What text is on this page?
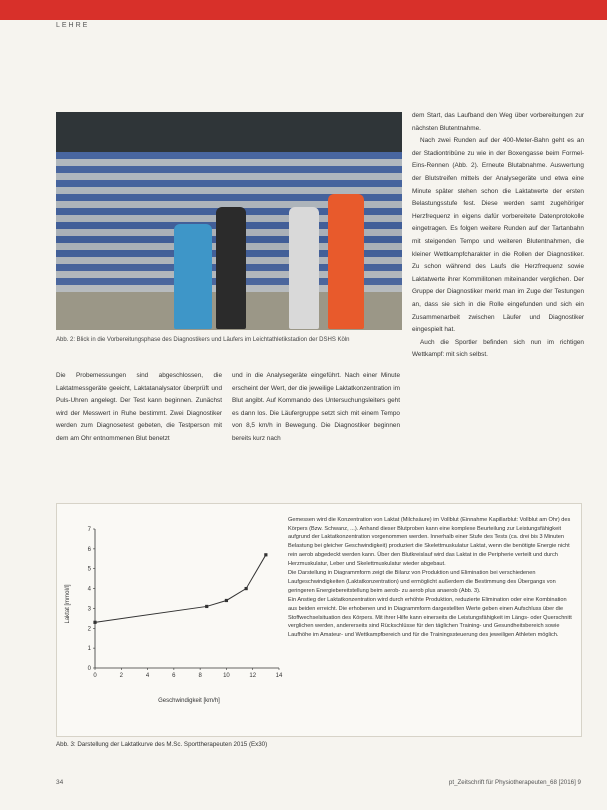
LEHRE
Abb. 2: Blick in die Vorbereitungsphase des Diagnostikers und Läufers im Leichtathletikstadion der DSHS Köln
Die Probemessungen sind abgeschlossen, die Laktatmessgeräte geeicht, Laktatanalysator überprüft und Puls-Uhren angelegt. Der Test kann beginnen. Zunächst wird der Messwert in Ruhe bestimmt. Zwei Diagnostiker werden zum Diagnosetest gebeten, die Testperson mit dem am Ohr entnommenen Blut benetzt
und in die Analysegeräte eingeführt. Nach einer Minute erscheint der Wert, der die jeweilige Laktatkonzentration im Blut angibt. Auf Kommando des Untersuchungsleiters geht es dann los. Die Läufergruppe setzt sich mit einem Tempo von 8,5 km/h in Bewegung. Die Diagnostiker beginnen bereits kurz nach

dem Start, das Laufband den Weg über vorbereitungen zur nächsten Blutentnahme.

Nach zwei Runden auf der 400-Meter-Bahn geht es an der Stadiontribüne zu wie in der Boxengasse beim Formel-Eins-Rennen (Abb. 2). Erneute Blutabnahme. Auswertung der Blutstreifen mittels der Analysegeräte und etwa eine Minute später stehen schon die Laktatwerte der ersten Belastungsstufe fest. Diese werden samt zugehöriger Herzfrequenz in eigens dafür vorbereitete Datenprotokolle eingetragen. Es folgen weitere Runden auf der Tartanbahn mit steigenden Tempo und weiteren Blutentnahmen, die kleiner Wettkampfcharakter in die Rollen der Diagnostiker. Zu schon während des Laufs die Herzfrequenz sowie Laktatwerte ihrer Kommilitonen miteinander verglichen. Der Gruppe der Diagnostiker merkt man im Zuge der Testungen an, dass sie sich in die Rolle eingefunden und sich ein Zusammenarbeit zwischen Läufer und Diagnostiker eingespielt hat.

Auch die Sportler befinden sich nun im richtigen Wettkampf: mit sich selbst.

0	2	4	6	8	10	12	14
0
1
2
3
4
5
6
7
Geschwindigkeit [km/h]
Laktat [mmol/l]

Gemessen wird die Konzentration von Laktat (Milchsäure) im Vollblut (Einnahme Kapillarblut: Vollblut am Ohr) des Körpers (Bzw. Schwanz, ...). Anhand dieser Blutproben kann eine komplexe Beurteilung zur Leistungsfähigkeit aufgrund der Laktatkonzentration vorgenommen werden. Innerhalb einer Stufe des Tests (ca. drei bis 3 Minuten Belastung bei gleicher Geschwindigkeit) produziert die Skelettmuskulatur Laktat, wenn die benötigte Energie nicht rein aerob abgedeckt werden kann. Über den Blutkreislauf wird das Laktat in die Peripherie verteilt und durch Herzmuskulatur, Leber und Skelettmuskulatur wieder abgebaut.

Die Darstellung in Diagrammform zeigt die Bilanz von Produktion und Elimination bei verschiedenen Laufgeschwindigkeiten (Laktatkonzentration) und ermöglicht außerdem die Bestimmung des Übergangs von geringeren Energiebereitstellung beim aerob- zu aerob plus anaerob (Abb. 3).

Ein Anstieg der Laktatkonzentration wird durch erhöhte Produktion, reduzierte Elimination oder eine Kombination aus beiden erreicht. Die erhobenen und in Diagrammform dargestellten Werte geben einen Aufschluss über die Stoffwechselsituation des Körpers. Mit ihrer Hilfe kann einerseits die Leistungsfähigkeit im Längs- oder Querschnitt verglichen werden, andererseits sind Rückschlüsse für den täglichen Training- und Gesundheitsbereich sowie Laufhöhe im Amateur- und Wettkampfbereich und für die Trainingssteuerung des jeweiligen Athleten möglich.

Abb. 3: Darstellung der Laktatkurve des M.Sc. Sporttherapeuten 2015 (Ex30)
34	pt_Zeitschrift für Physiotherapeuten_68 [2016] 9
